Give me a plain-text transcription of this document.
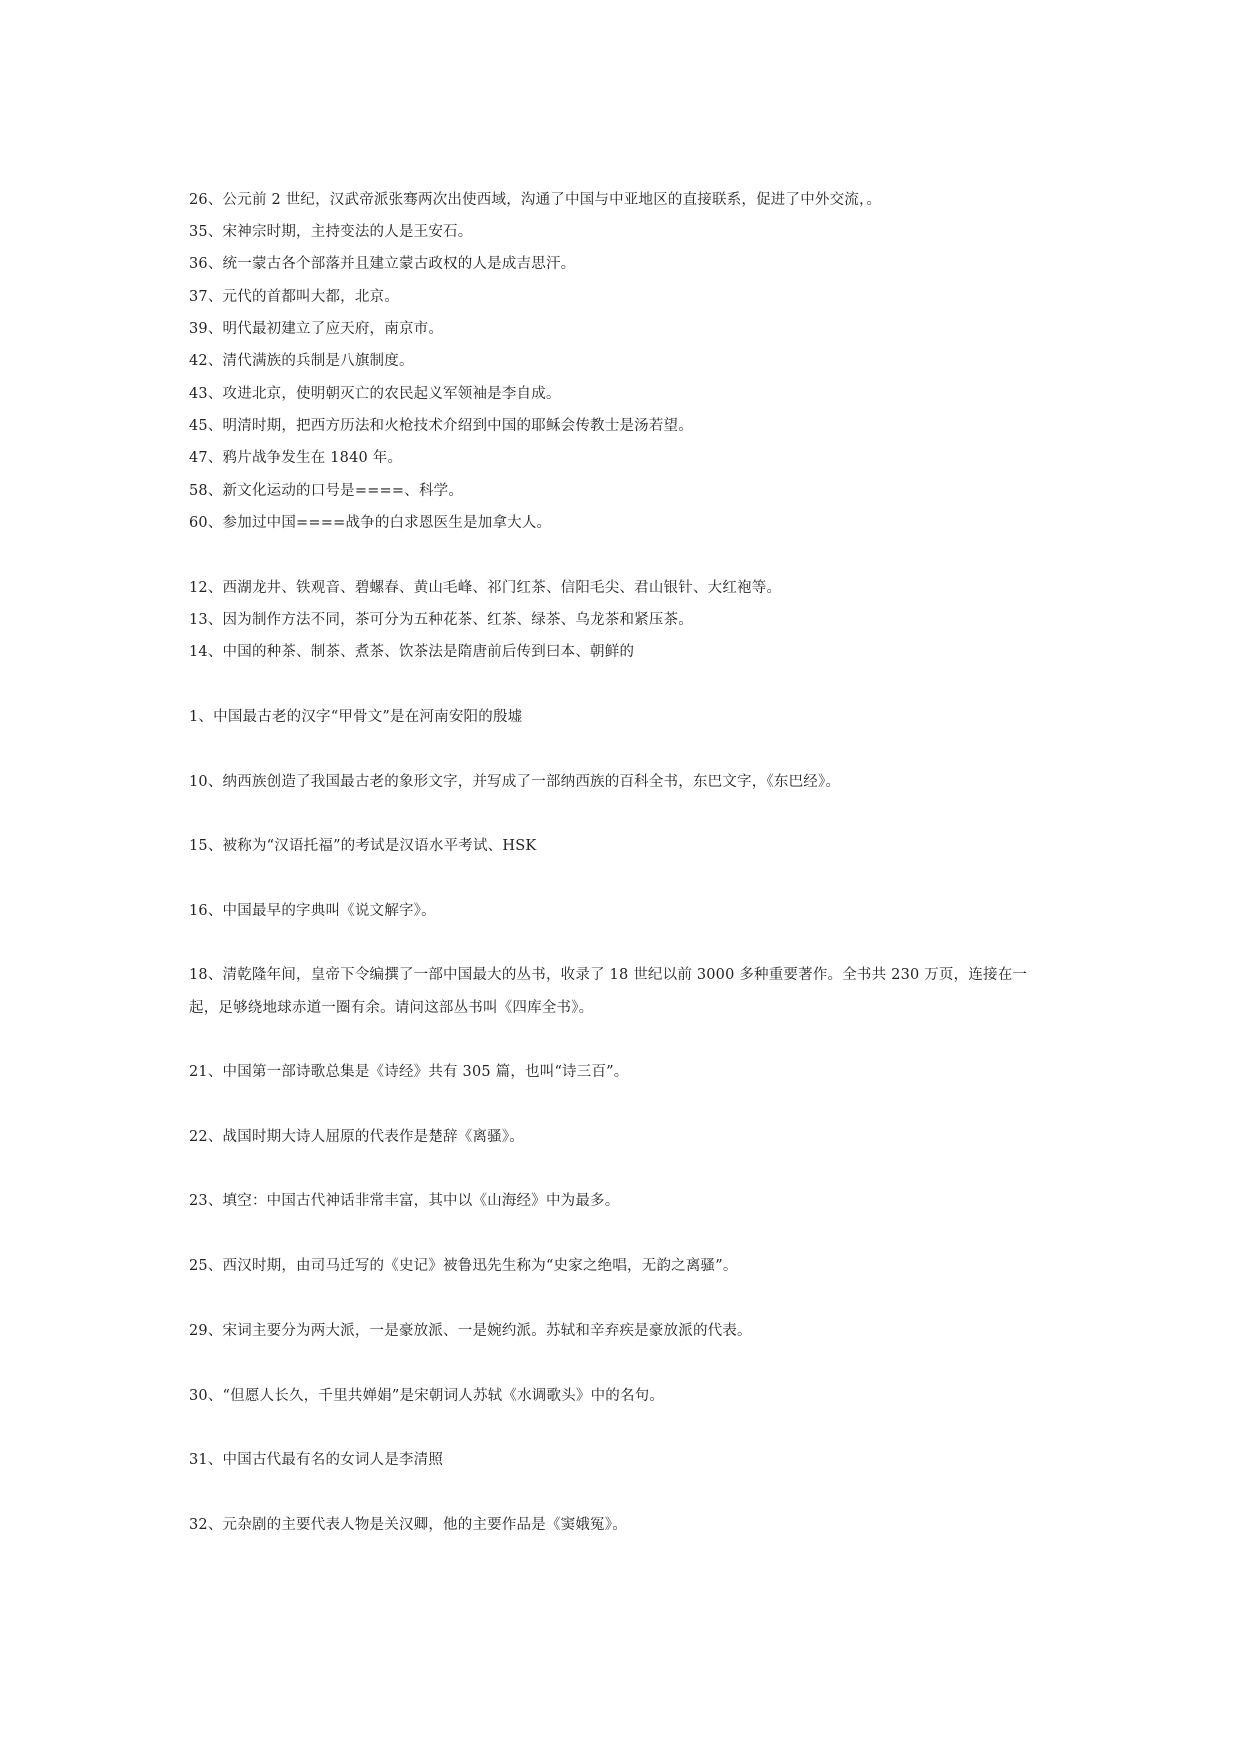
26、公元前 2 世纪，汉武帝派张骞两次出使西域，沟通了中国与中亚地区的直接联系，促进了中外交流，。
35、宋神宗时期，主持变法的人是王安石。
36、统一蒙古各个部落并且建立蒙古政权的人是成吉思汗。
37、元代的首都叫大都，北京。
39、明代最初建立了应天府，南京市。
42、清代满族的兵制是八旗制度。
43、攻进北京，使明朝灭亡的农民起义军领袖是李自成。
45、明清时期，把西方历法和火枪技术介绍到中国的耶稣会传教士是汤若望。
47、鸦片战争发生在 1840 年。
58、新文化运动的口号是====、科学。
60、参加过中国====战争的白求恩医生是加拿大人。
12、西湖龙井、铁观音、碧螺春、黄山毛峰、祁门红茶、信阳毛尖、君山银针、大红袍等。
13、因为制作方法不同，茶可分为五种花茶、红茶、绿茶、乌龙茶和紧压茶。
14、中国的种茶、制茶、煮茶、饮茶法是隋唐前后传到曰本、朝鲜的
1、中国最古老的汉字“甲骨文”是在河南安阳的殷墟
10、纳西族创造了我国最古老的象形文字，并写成了一部纳西族的百科全书，东巴文字，《东巴经》。
15、被称为“汉语托福”的考试是汉语水平考试、HSK
16、中国最早的字典叫《说文解字》。
18、清乾隆年间，皇帝下令编撰了一部中国最大的丛书，收录了 18 世纪以前 3000 多种重要著作。全书共 230 万页，连接在一
起，足够绕地球赤道一圈有余。请问这部丛书叫《四库全书》。
21、中国第一部诗歌总集是《诗经》共有 305 篇，也叫“诗三百”。
22、战国时期大诗人屈原的代表作是楚辞《离骚》。
23、填空：中国古代神话非常丰富，其中以《山海经》中为最多。
25、西汉时期，由司马迁写的《史记》被鲁迅先生称为“史家之绝唱，无韵之离骚”。
29、宋词主要分为两大派，一是豪放派、一是婉约派。苏轼和辛弃疾是豪放派的代表。
30、“但愿人长久，千里共婵娟”是宋朝词人苏轼《水调歌头》中的名句。
31、中国古代最有名的女词人是李清照
32、元杂剧的主要代表人物是关汉卿，他的主要作品是《窦娥冤》。
